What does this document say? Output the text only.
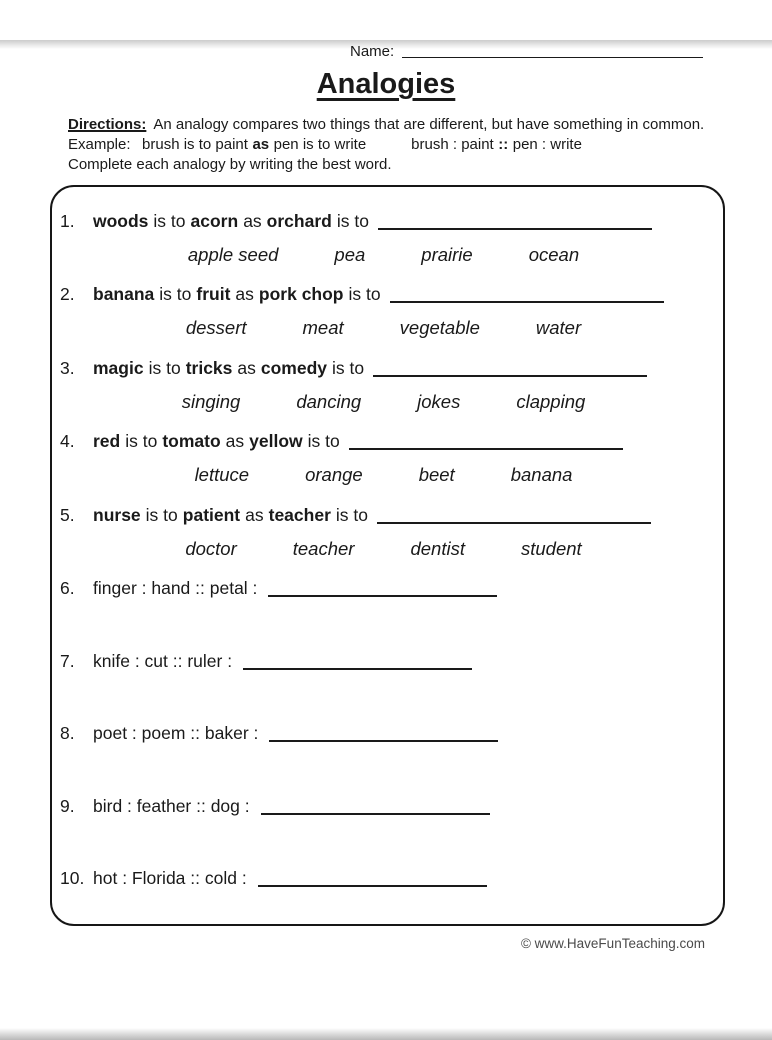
Name:
Analogies

Directions: An analogy compares two things that are different, but have something in common.

Example: brush is to paint as pen is to write	brush : paint :: pen : write
Complete each analogy by writing the best word.
1.	woods is to acorn as orchard is to
apple seed	pea	prairie	ocean
2.	banana is to fruit as pork chop is to
dessert	meat	vegetable	water
3.	magic is to tricks as comedy is to
singing	dancing	jokes	clapping
4.	red is to tomato as yellow is to
lettuce	orange	beet	banana
5.	nurse is to patient as teacher is to
doctor	teacher	dentist	student
6.	finger : hand :: petal :
7.	knife : cut :: ruler :
8.	poet : poem :: baker :
9.	bird : feather :: dog :
10. hot : Florida :: cold :
© www.HaveFunTeaching.com
